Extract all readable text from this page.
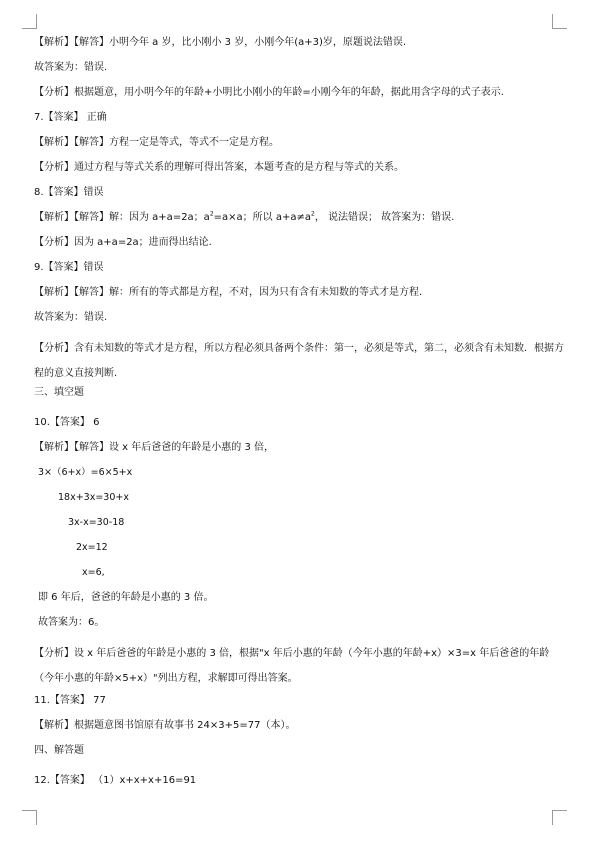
【解析】【解答】小明今年 a 岁，比小刚小 3 岁，小刚今年(a+3)岁，原题说法错误.
故答案为：错误.
【分析】根据题意，用小明今年的年龄+小明比小刚小的年龄=小刚今年的年龄，据此用含字母的式子表示.
7.【答案】 正确
【解析】【解答】方程一定是等式，等式不一定是方程。
【分析】通过方程与等式关系的理解可得出答案，本题考查的是方程与等式的关系。
8.【答案】错误
【解析】【解答】解：因为 a+a=2a；$a^2=a\times a$；所以 $a+a\ne a^2$， 说法错误； 故答案为：错误.
【分析】因为 a+a=2a；进而得出结论.
9.【答案】错误
【解析】【解答】解：所有的等式都是方程，不对，因为只有含有未知数的等式才是方程.
故答案为：错误.
【分析】含有未知数的等式才是方程，所以方程必须具备两个条件：第一，必须是等式，第二，必须含有未知数．根据方程的意义直接判断.
三、填空题
10.【答案】 6
【解析】【解答】设 x 年后爸爸的年龄是小惠的 3 倍，
3×（6+x）=6×5+x
18x+3x=30+x
3x-x=30-18
2x=12
x=6,
即 6 年后，爸爸的年龄是小惠的 3 倍。
故答案为：6。
【分析】设 x 年后爸爸的年龄是小惠的 3 倍，根据"x 年后小惠的年龄（今年小惠的年龄+x）×3=x 年后爸爸的年龄（今年小惠的年龄×5+x）"列出方程，求解即可得出答案。
11.【答案】 77
【解析】根据题意图书馆原有故事书 24×3+5=77（本）。
四、解答题
12.【答案】 （1）x+x+x+16=91
